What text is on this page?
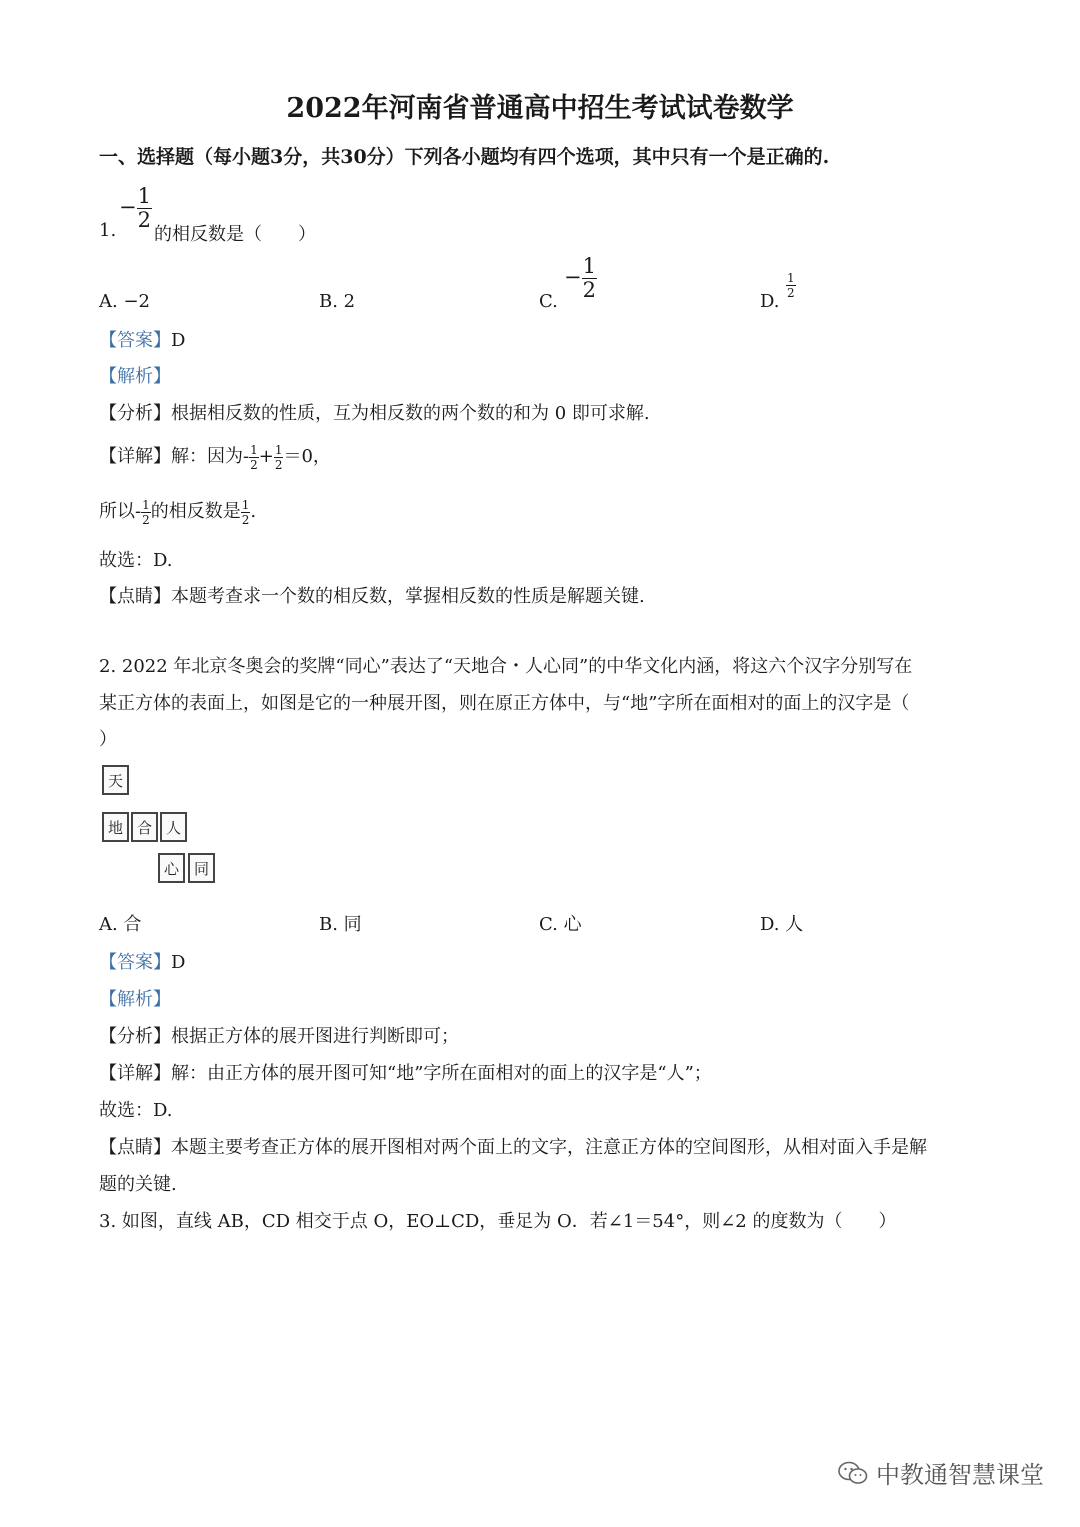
2022年河南省普通高中招生考试试卷数学
一、选择题（每小题3分，共30分）下列各小题均有四个选项，其中只有一个是正确的.
− $\frac{1}{2}$
1. 的相反数是（　　）
A. −2	B. 2	C.
− $\frac{1}{2}$
D.
$\frac{1}{2}$
【答案】D
【解析】
【分析】根据相反数的性质，互为相反数的两个数的和为 0 即可求解.
【详解】解：因为- $\frac{1}{2} + \frac{1}{2} =0$，
所以- $\frac{1}{2}$ 的相反数是 $\frac{1}{2}$ .
故选：D.
【点睛】本题考查求一个数的相反数，掌握相反数的性质是解题关键.
2. 2022 年北京冬奥会的奖牌“同心”表达了“天地合・人心同”的中华文化内涵，将这六个汉字分别写在
某正方体的表面上，如图是它的一种展开图，则在原正方体中，与“地”字所在面相对的面上的汉字是（
）
天
地 合 人
心 同
A. 合	B. 同	C. 心	D. 人
【答案】D
【解析】
【分析】根据正方体的展开图进行判断即可；
【详解】解：由正方体的展开图可知“地”字所在面相对的面上的汉字是“人”；
故选：D.
【点睛】本题主要考查正方体的展开图相对两个面上的文字，注意正方体的空间图形，从相对面入手是解
题的关键.
3. 如图，直线 AB，CD 相交于点 O，EO⊥CD，垂足为 O．若∠1＝54°，则∠2 的度数为（　　）
中教通智慧课堂
